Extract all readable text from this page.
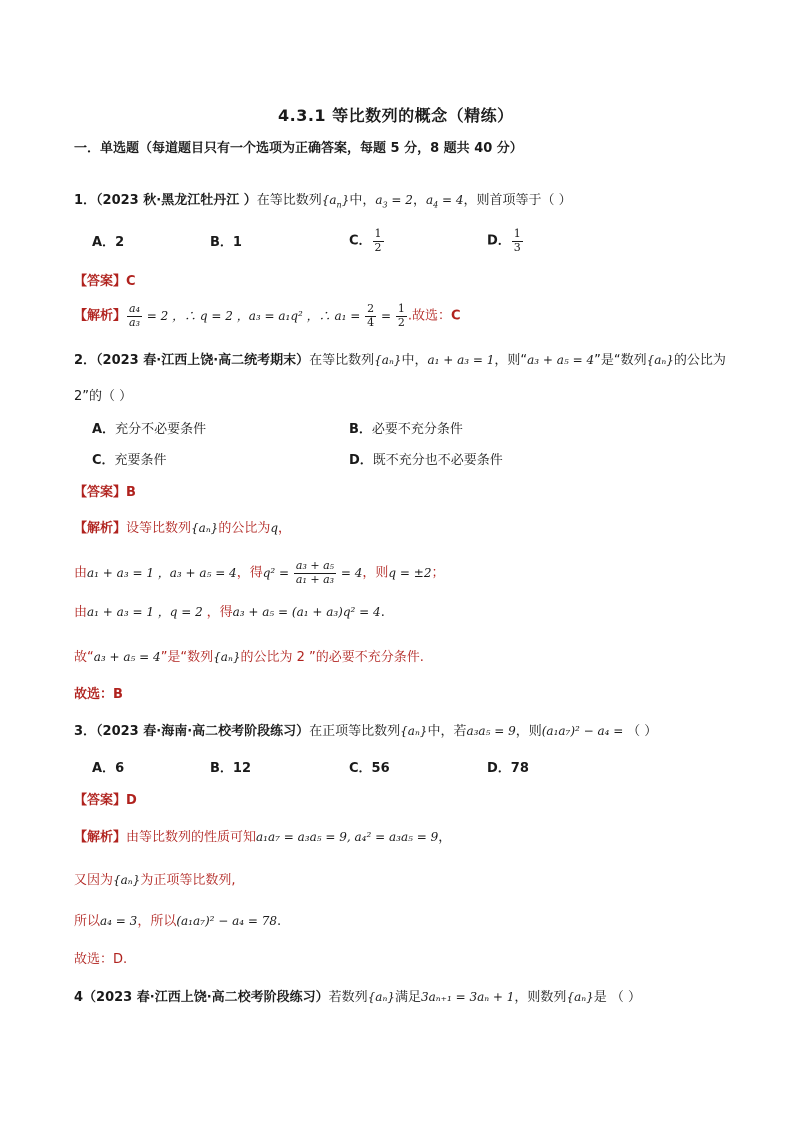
4.3.1 等比数列的概念（精练）
一．单选题（每道题目只有一个选项为正确答案，每题 5 分，8 题共 40 分）
1．（2023 秋·黑龙江牡丹江 ）在等比数列$\{a_n\}$中，$a_3 = 2$，$a_4 = 4$，则首项等于（ ）
A．2	B．1	C． $\frac{1}{2}$	D． $\frac{1}{3}$
【答案】C
【解析】 $\frac{\text{a₄}}{\text{a₃}} = 2$ ，∴ q = 2 ，a₃ = a₁q² ，∴ $a_1 = \frac{2}{4} = \frac{1}{2}$ .故选：C
2．（2023 春·江西上饶·高二统考期末）在等比数列{aₙ}中，a₁ + a₃ = 1，则“a₃ + a₅ = 4”是“数列{aₙ}的公比为
2”的（ ）
A．充分不必要条件	B．必要不充分条件
C．充要条件	D．既不充分也不必要条件
【答案】B
【解析】设等比数列{aₙ}的公比为q，
由a₁ + a₃ = 1 ，a₃ + a₅ = 4，得$q^2 = \frac{\text{a₃ + a₅}}{\text{a₁ + a₃}} = 4$，则q = ±2；
由a₁ + a₃ = 1 ，q = 2 ，得a₃ + a₅ = (a₁ + a₃)q² = 4.
故“a₃ + a₅ = 4”是“数列{aₙ}的公比为 2 ”的必要不充分条件.
故选：B
3．（2023 春·海南·高二校考阶段练习）在正项等比数列{aₙ}中，若a₃a₅ = 9，则(a₁a₇)² − a₄ = （ ）
A．6	B．12	C．56	D．78
【答案】D
【解析】由等比数列的性质可知a₁a₇ = a₃a₅ = 9, a₄² = a₃a₅ = 9，
又因为{aₙ}为正项等比数列,
所以a₄ = 3，所以(a₁a₇)² − a₄ = 78.
故选：D.
4（2023 春·江西上饶·高二校考阶段练习）若数列{aₙ}满足3aₙ₊₁ = 3aₙ + 1，则数列{aₙ}是 （ ）
